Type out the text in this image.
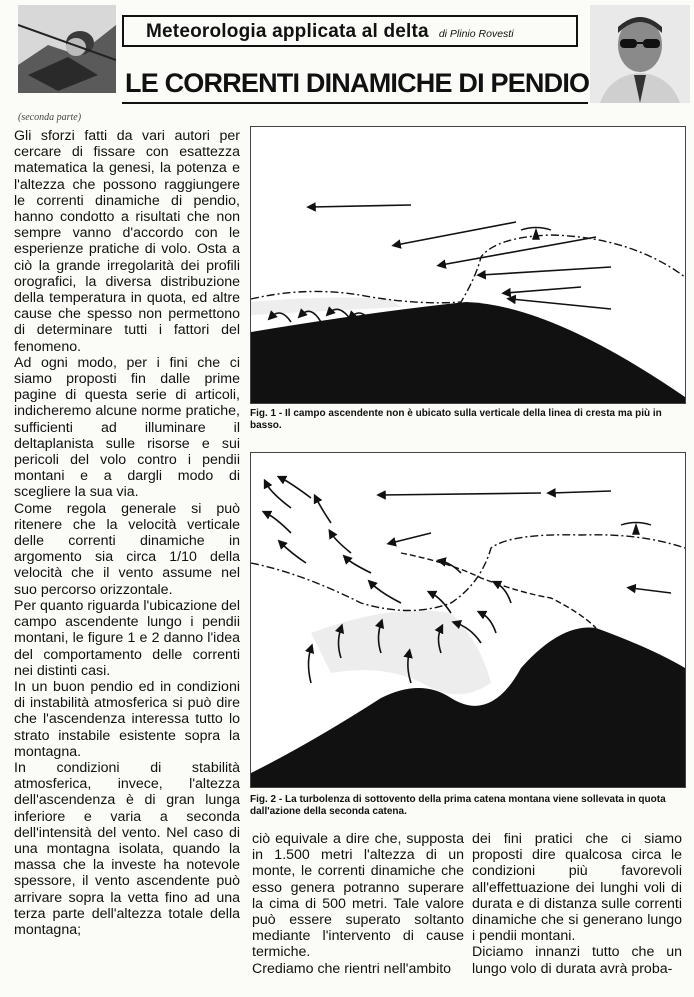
Meteorologia applicata al delta di Plinio Rovesti
LE CORRENTI DINAMICHE DI PENDIO
(seconda parte)

Gli sforzi fatti da vari autori per cercare di fissare con esattezza matematica la genesi, la potenza e l'altezza che possono raggiungere le correnti dinamiche di pendio, hanno condotto a risultati che non sempre vanno d'accordo con le esperienze pratiche di volo. Osta a ciò la grande irregolarità dei profili orografici, la diversa distribuzione della temperatura in quota, ed altre cause che spesso non permettono di determinare tutti i fattori del fenomeno.

Ad ogni modo, per i fini che ci siamo proposti fin dalle prime pagine di questa serie di articoli, indicheremo alcune norme pratiche, sufficienti ad illuminare il deltaplanista sulle risorse e sui pericoli del volo contro i pendii montani e a dargli modo di scegliere la sua via.

Come regola generale si può ritenere che la velocità verticale delle correnti dinamiche in argomento sia circa 1/10 della velocità che il vento assume nel suo percorso orizzontale.

Per quanto riguarda l'ubicazione del campo ascendente lungo i pendii montani, le figure 1 e 2 danno l'idea del comportamento delle correnti nei distinti casi.

In un buon pendio ed in condizioni di instabilità atmosferica si può dire che l'ascendenza interessa tutto lo strato instabile esistente sopra la montagna.

In condizioni di stabilità atmosferica, invece, l'altezza dell'ascendenza è di gran lunga inferiore e varia a seconda dell'intensità del vento. Nel caso di una montagna isolata, quando la massa che la investe ha notevole spessore, il vento ascendente può arrivare sopra la vetta fino ad una terza parte dell'altezza totale della montagna;

Fig. 1 - Il campo ascendente non è ubicato sulla verticale della linea di cresta ma più in basso.

Fig. 2 - La turbolenza di sottovento della prima catena montana viene sollevata in quota dall'azione della seconda catena.

ciò equivale a dire che, supposta in 1.500 metri l'altezza di un monte, le correnti dinamiche che esso genera potranno superare la cima di 500 metri. Tale valore può essere superato soltanto mediante l'intervento di cause termiche.

Crediamo che rientri nell'ambito

dei fini pratici che ci siamo proposti dire qualcosa circa le condizioni più favorevoli all'effettuazione dei lunghi voli di durata e di distanza sulle correnti dinamiche che si generano lungo i pendii montani.

Diciamo innanzi tutto che un lungo volo di durata avrà proba-
